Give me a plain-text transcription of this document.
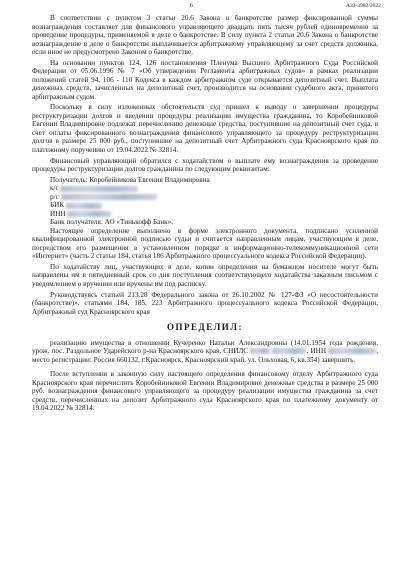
6	А33-3982/2022

В соответствии с пунктом 3 статьи 20.6 Закона о банкротстве размер фиксированной суммы вознаграждения составляет для финансового управляющего двадцать пять тысяч рублей единовременно за проведение процедуры, применяемой в деле о банкротстве. В силу пункта 2 статьи 20.6 Закона о банкротстве вознаграждение в деле о банкротстве выплачивается арбитражному управляющему за счет средств должника, если иное не предусмотрено Законом о банкротстве.

На основании пунктов 124, 126 постановления Пленума Высшего Арбитражного Суда Российской Федерации от 05.06.1996 № 7 «Об утверждении Регламента арбитражных судов» в рамках реализации положений статей 94, 106 - 110 Кодекса в каждом арбитражном суде открывается депозитный счет. Выплата денежных средств, зачисленных на депозитный счет, производится на основании судебного акта, принятого арбитражным судом.

Поскольку в силу изложенных обстоятельств суд пришел к выводу о завершении процедуры реструктуризации долгов и введении процедуры реализации имущества гражданина, то Коробейниковой Евгении Владимировне подлежат перечислению денежные средства, поступившие на депозитный счет суда, в счет оплаты фиксированного вознаграждения финансового управляющего за процедуру реструктуризации долгов в размере 25 000 руб., поступившие на депозитный счет Арбитражного суда Красноярского края по платежному поручению от 19.04.2022 № 32814.

Финансовый управляющий обратился с ходатайством о выплате ему вознаграждения за проведение процедуры реструктуризации долгов гражданина по следующим реквизитам:

Получатель: Коробейникова Евгения Владимировна
к/с
р/с
БИК
ИНН
Банк получателя: АО «Тинькофф Банк».

Настоящее определение выполнено в форме электронного документа, подписано усиленной квалифицированной электронной подписью судьи и считается направленным лицам, участвующим в деле, посредством его размещения в установленном порядке в информационно-телекоммуникационной сети «Интернет» (часть 2 статьи 184, статья 186 Арбитражного процессуального кодекса Российской Федерации).

По ходатайству лиц, участвующих в деле, копии определения на бумажном носителе могут быть направлены им в пятидневный срок со дня поступления соответствующего ходатайства заказным письмом с уведомлением о вручении или вручены им под расписку.

Руководствуясь статьей 213.28 Федерального закона от 26.10.2002 № 127-ФЗ «О несостоятельности (банкротстве)», статьями 184, 185, 223 Арбитражного процессуального кодекса Российской Федерации, Арбитражный суд Красноярского края

ОПРЕДЕЛИЛ:

реализацию имущества в отношении Кучеренко Натальи Александровны (14.01.1954 года рождения, урож. пос. Раздольное Ударейского р-на Красноярского края, СНИЛС	, ИНН	, место регистрации: Россия 660132, г.Красноярск, Красноярский край, ул. Ольховая, 6, кв.354) завершить.

После вступления в законную силу настоящего определения финансовому отделу Арбитражного суда Красноярского края перечислить Коробейниковой Евгении Владимировне денежные средства в размере 25 000 руб. вознаграждения финансового управляющего за процедуру реализации имущества гражданина за счет средств, перечисленных на депозит Арбитражного суда Красноярского края по платежному документу от 19.04.2022 № 32814.
